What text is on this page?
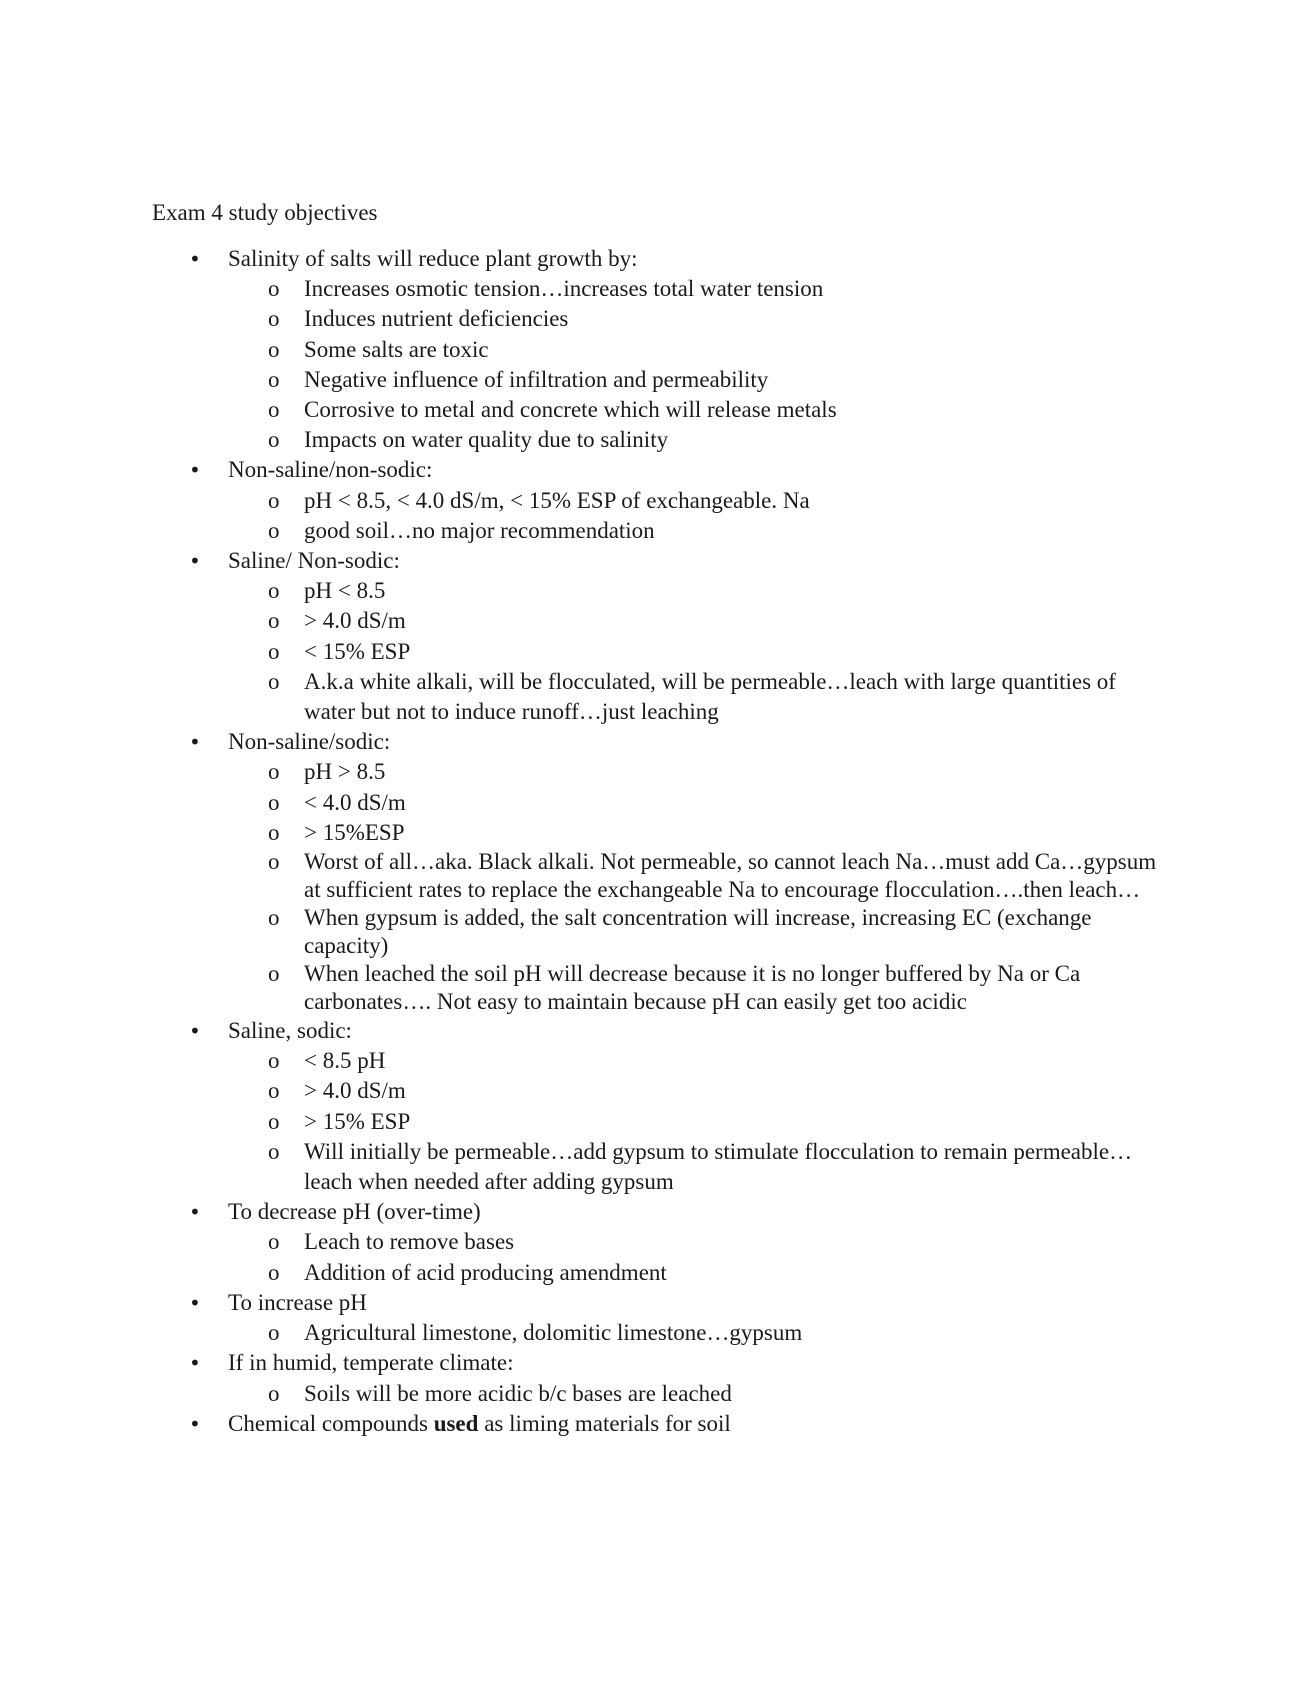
Exam 4 study objectives
• Salinity of salts will reduce plant growth by:
o Increases osmotic tension…increases total water tension
o Induces nutrient deficiencies
o Some salts are toxic
o Negative influence of infiltration and permeability
o Corrosive to metal and concrete which will release metals
o Impacts on water quality due to salinity
• Non-saline/non-sodic:
o pH < 8.5, < 4.0 dS/m, < 15% ESP of exchangeable. Na
o good soil…no major recommendation
• Saline/ Non-sodic:
o pH < 8.5
o > 4.0 dS/m
o < 15% ESP
o A.k.a white alkali, will be flocculated, will be permeable…leach with large quantities of water but not to induce runoff…just leaching
• Non-saline/sodic:
o pH > 8.5
o < 4.0 dS/m
o > 15%ESP
o Worst of all…aka. Black alkali. Not permeable, so cannot leach Na…must add Ca…gypsum at sufficient rates to replace the exchangeable Na to encourage flocculation….then leach…
o When gypsum is added, the salt concentration will increase, increasing EC (exchange capacity)
o When leached the soil pH will decrease because it is no longer buffered by Na or Ca carbonates…. Not easy to maintain because pH can easily get too acidic
• Saline, sodic:
o < 8.5 pH
o > 4.0 dS/m
o > 15% ESP
o Will initially be permeable…add gypsum to stimulate flocculation to remain permeable…leach when needed after adding gypsum
• To decrease pH (over-time)
o Leach to remove bases
o Addition of acid producing amendment
• To increase pH
o Agricultural limestone, dolomitic limestone…gypsum
• If in humid, temperate climate:
o Soils will be more acidic b/c bases are leached
• Chemical compounds used as liming materials for soil
